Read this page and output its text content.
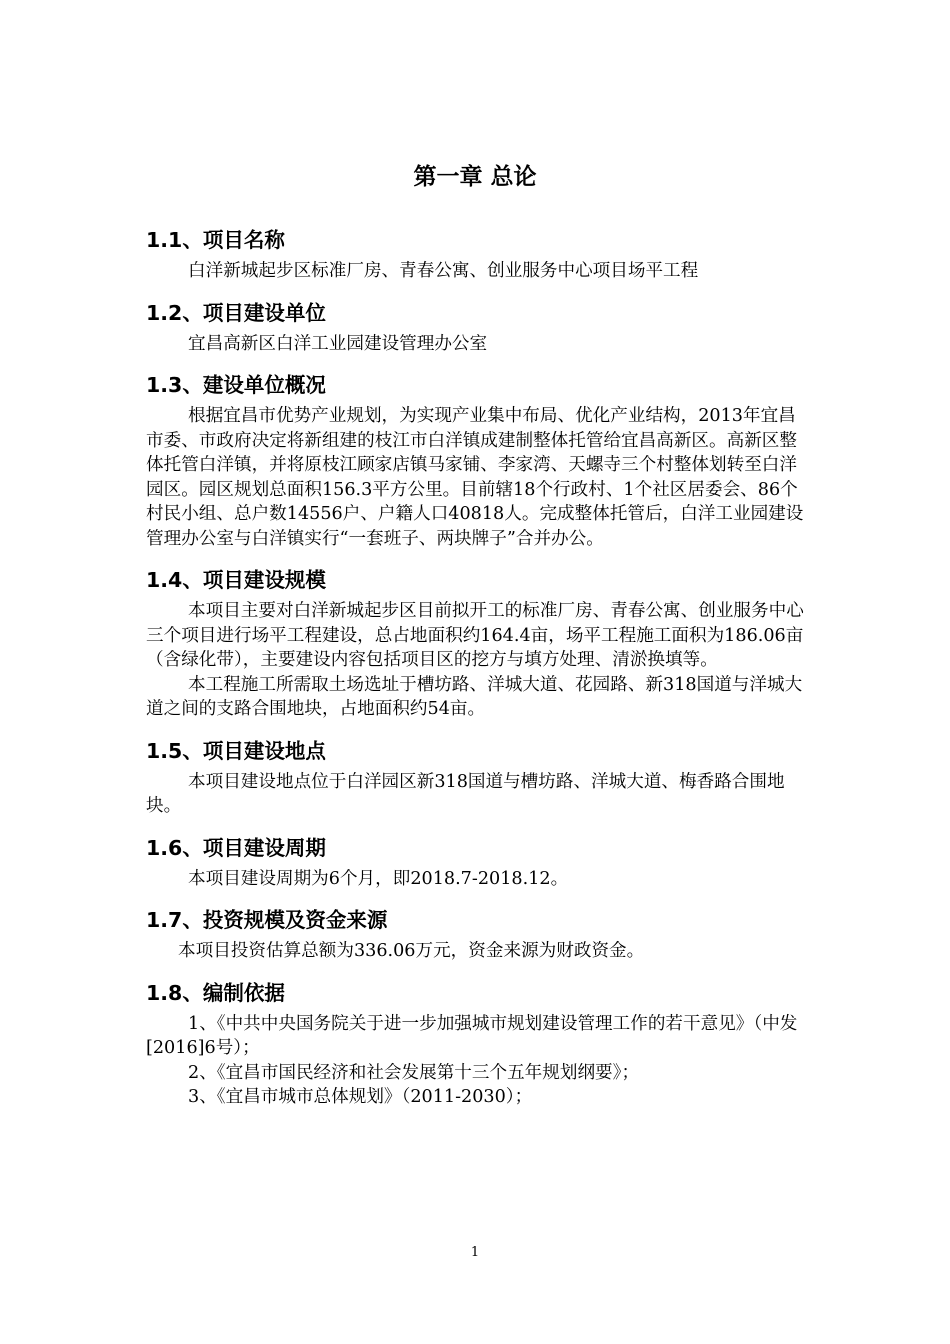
第一章 总论
1.1、项目名称

白洋新城起步区标准厂房、青春公寓、创业服务中心项目场平工程

1.2、项目建设单位

宜昌高新区白洋工业园建设管理办公室

1.3、建设单位概况

根据宜昌市优势产业规划，为实现产业集中布局、优化产业结构，2013年宜昌市委、市政府决定将新组建的枝江市白洋镇成建制整体托管给宜昌高新区。高新区整体托管白洋镇，并将原枝江顾家店镇马家铺、李家湾、天螺寺三个村整体划转至白洋园区。园区规划总面积156.3平方公里。目前辖18个行政村、1个社区居委会、86个村民小组、总户数14556户、户籍人口40818人。完成整体托管后，白洋工业园建设管理办公室与白洋镇实行“一套班子、两块牌子”合并办公。

1.4、项目建设规模

本项目主要对白洋新城起步区目前拟开工的标准厂房、青春公寓、创业服务中心三个项目进行场平工程建设，总占地面积约164.4亩，场平工程施工面积为186.06亩（含绿化带），主要建设内容包括项目区的挖方与填方处理、清淤换填等。

本工程施工所需取土场选址于槽坊路、洋城大道、花园路、新318国道与洋城大道之间的支路合围地块，占地面积约54亩。

1.5、项目建设地点

本项目建设地点位于白洋园区新318国道与槽坊路、洋城大道、梅香路合围地块。

1.6、项目建设周期

本项目建设周期为6个月，即2018.7-2018.12。

1.7、投资规模及资金来源

本项目投资估算总额为336.06万元，资金来源为财政资金。

1.8、编制依据

1、《中共中央国务院关于进一步加强城市规划建设管理工作的若干意见》（中发[2016]6号）；

2、《宜昌市国民经济和社会发展第十三个五年规划纲要》；

3、《宜昌市城市总体规划》（2011-2030）；

1
